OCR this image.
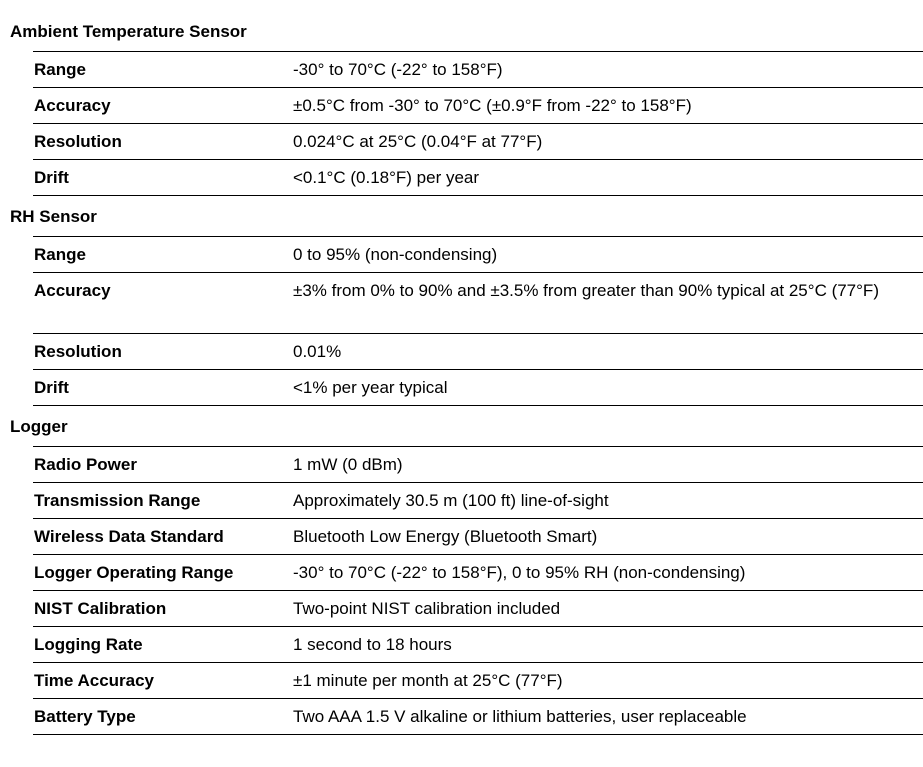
Ambient Temperature Sensor
Range	-30° to 70°C (-22° to 158°F)
Accuracy	±0.5°C from -30° to 70°C (±0.9°F from -22° to 158°F)
Resolution	0.024°C at 25°C (0.04°F at 77°F)
Drift	<0.1°C (0.18°F) per year
RH Sensor
Range	0 to 95% (non-condensing)
Accuracy	±3% from 0% to 90% and ±3.5% from greater than 90% typical at 25°C (77°F)
Resolution	0.01%
Drift	<1% per year typical
Logger
Radio Power	1 mW (0 dBm)
Transmission Range	Approximately 30.5 m (100 ft) line-of-sight
Wireless Data Standard	Bluetooth Low Energy (Bluetooth Smart)
Logger Operating Range	-30° to 70°C (-22° to 158°F), 0 to 95% RH (non-condensing)
NIST Calibration	Two-point NIST calibration included
Logging Rate	1 second to 18 hours
Time Accuracy	±1 minute per month at 25°C (77°F)
Battery Type	Two AAA 1.5 V alkaline or lithium batteries, user replaceable
